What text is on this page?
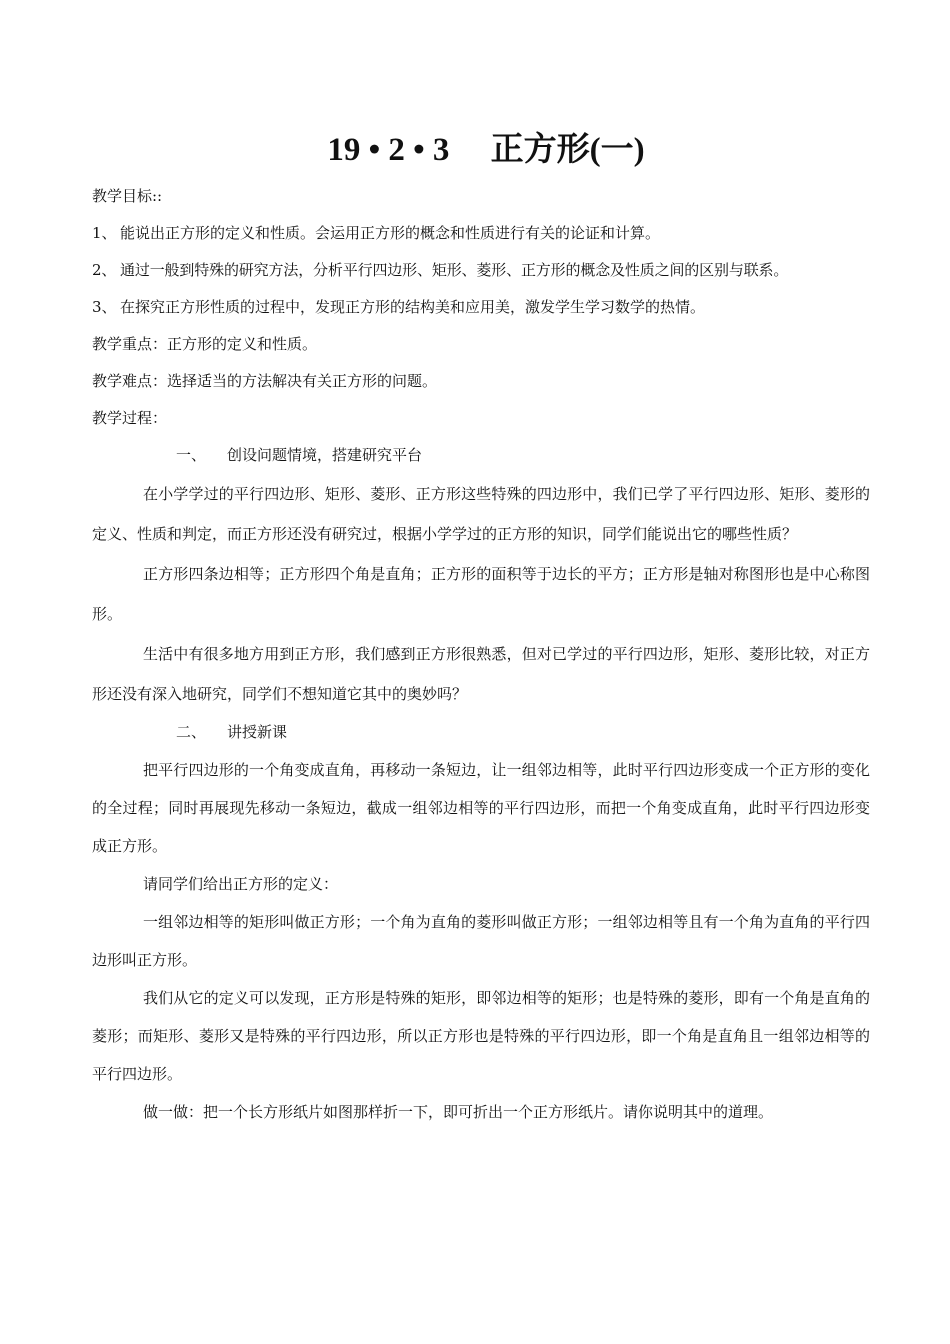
19 • 2 • 3     正方形(一)

教学目标::

1、 能说出正方形的定义和性质。会运用正方形的概念和性质进行有关的论证和计算。

2、 通过一般到特殊的研究方法，分析平行四边形、矩形、菱形、正方形的概念及性质之间的区别与联系。

3、 在探究正方形性质的过程中，发现正方形的结构美和应用美，激发学生学习数学的热情。

教学重点：正方形的定义和性质。

教学难点：选择适当的方法解决有关正方形的问题。

教学过程：

一、 创设问题情境，搭建研究平台

在小学学过的平行四边形、矩形、菱形、正方形这些特殊的四边形中，我们已学了平行四边形、矩形、菱形的定义、性质和判定，而正方形还没有研究过，根据小学学过的正方形的知识，同学们能说出它的哪些性质？

正方形四条边相等；正方形四个角是直角；正方形的面积等于边长的平方；正方形是轴对称图形也是中心称图形。

生活中有很多地方用到正方形，我们感到正方形很熟悉，但对已学过的平行四边形，矩形、菱形比较，对正方形还没有深入地研究，同学们不想知道它其中的奥妙吗？

二、 讲授新课

把平行四边形的一个角变成直角，再移动一条短边，让一组邻边相等，此时平行四边形变成一个正方形的变化的全过程；同时再展现先移动一条短边，截成一组邻边相等的平行四边形，而把一个角变成直角，此时平行四边形变成正方形。

请同学们给出正方形的定义：

一组邻边相等的矩形叫做正方形；一个角为直角的菱形叫做正方形；一组邻边相等且有一个角为直角的平行四边形叫正方形。

我们从它的定义可以发现，正方形是特殊的矩形，即邻边相等的矩形；也是特殊的菱形，即有一个角是直角的菱形；而矩形、菱形又是特殊的平行四边形，所以正方形也是特殊的平行四边形，即一个角是直角且一组邻边相等的平行四边形。

做一做：把一个长方形纸片如图那样折一下，即可折出一个正方形纸片。请你说明其中的道理。
